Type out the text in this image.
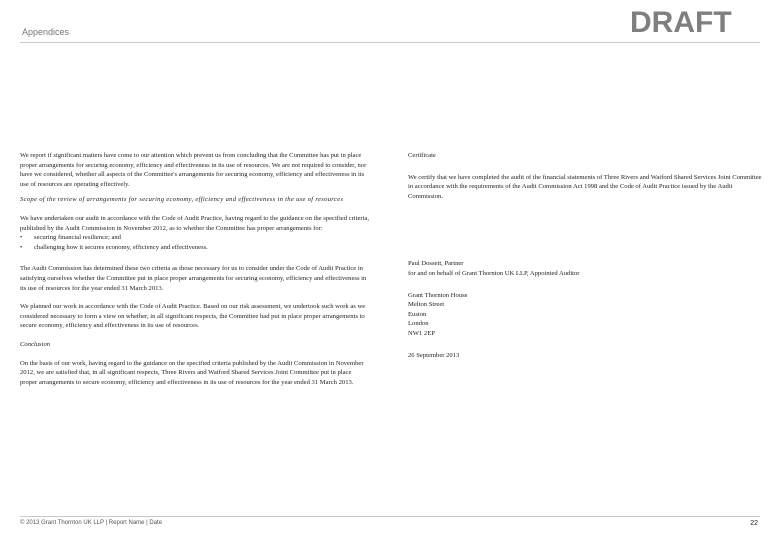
Appendices	DRAFT

We report if significant matters have come to our attention which prevent us from concluding that the Committee has put in place proper arrangements for securing economy, efficiency and effectiveness in its use of resources. We are not required to consider, nor have we considered, whether all aspects of the Committee's arrangements for securing economy, efficiency and effectiveness in its use of resources are operating effectively.

Scope of the review of arrangements for securing economy, efficiency and effectiveness in the use of resources

We have undertaken our audit in accordance with the Code of Audit Practice, having regard to the guidance on the specified criteria, published by the Audit Commission in November 2012, as to whether the Committee has proper arrangements for:

• securing financial resilience; and
• challenging how it secures economy, efficiency and effectiveness.

The Audit Commission has determined these two criteria as those necessary for us to consider under the Code of Audit Practice in satisfying ourselves whether the Committee put in place proper arrangements for securing economy, efficiency and effectiveness in its use of resources for the year ended 31 March 2013.

We planned our work in accordance with the Code of Audit Practice. Based on our risk assessment, we undertook such work as we considered necessary to form a view on whether, in all significant respects, the Committee had put in place proper arrangements to secure economy, efficiency and effectiveness in its use of resources.

Conclusion

On the basis of our work, having regard to the guidance on the specified criteria published by the Audit Commission in November 2012, we are satisfied that, in all significant respects, Three Rivers and Watford Shared Services Joint Committee put in place proper arrangements to secure economy, efficiency and effectiveness in its use of resources for the year ended 31 March 2013.

Certificate

We certify that we have completed the audit of the financial statements of Three Rivers and Watford Shared Services Joint Committee in accordance with the requirements of the Audit Commission Act 1998 and the Code of Audit Practice issued by the Audit Commission.

Paul Dossett, Partner

for and on behalf of Grant Thornton UK LLP, Appointed Auditor

Grant Thornton House

Melton Street

Euston

London

NW1 2EP

26 September 2013

© 2013 Grant Thornton UK LLP | Report Name | Date	22
